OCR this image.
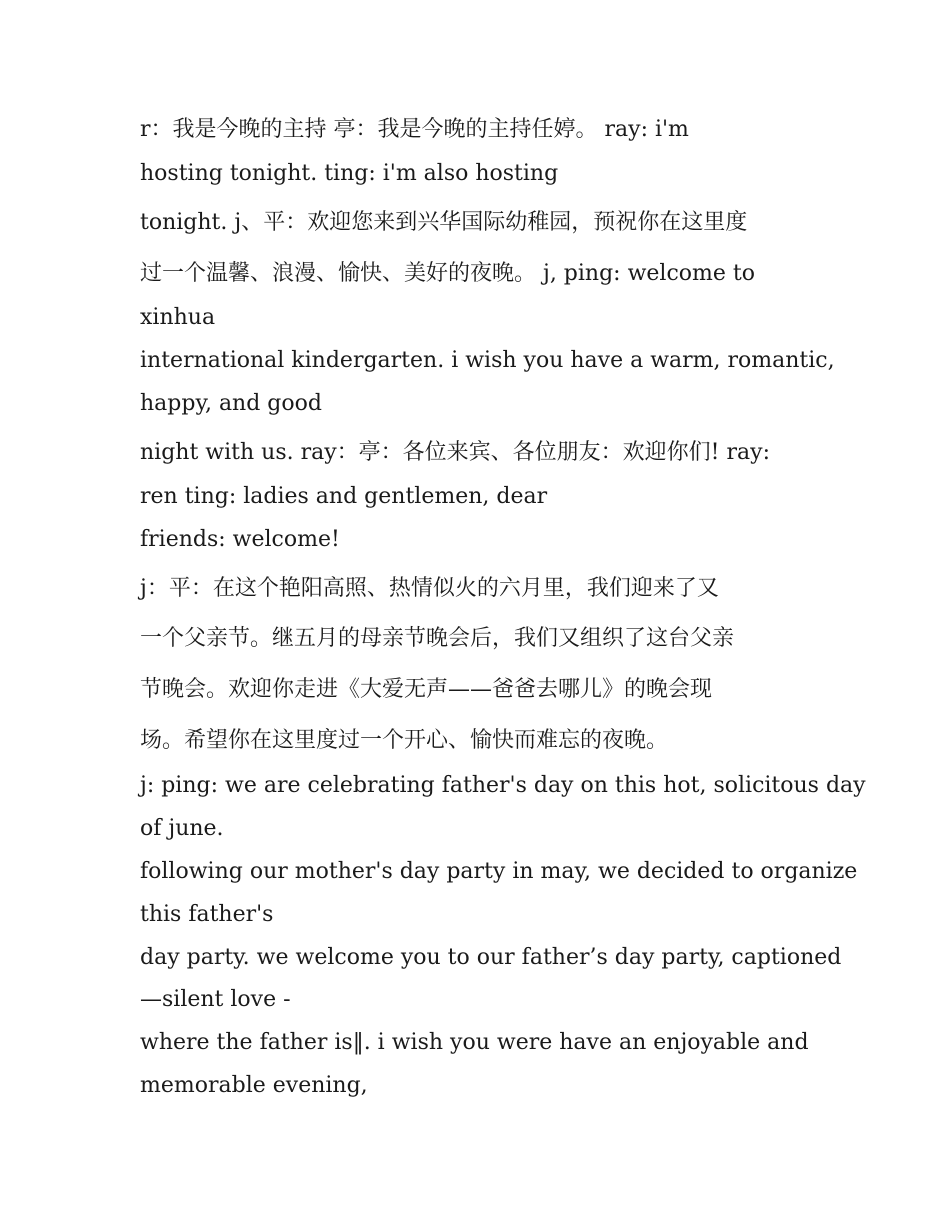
r：我是今晚的主持 亭：我是今晚的主持任婷。 ray: i'm
hosting tonight. ting: i'm also hosting
tonight. j、平：欢迎您来到兴华国际幼稚园，预祝你在这里度
过一个温馨、浪漫、愉快、美好的夜晚。 j, ping: welcome to
xinhua
international kindergarten. i wish you have a warm, romantic,
happy, and good
night with us. ray：亭：各位来宾、各位朋友：欢迎你们! ray:
ren ting: ladies and gentlemen, dear
friends: welcome!
j：平：在这个艳阳高照、热情似火的六月里，我们迎来了又
一个父亲节。继五月的母亲节晚会后，我们又组织了这台父亲
节晚会。欢迎你走进《大爱无声——爸爸去哪儿》的晚会现
场。希望你在这里度过一个开心、愉快而难忘的夜晚。
j: ping: we are celebrating father's day on this hot, solicitous day
of june.
following our mother's day party in may, we decided to organize
this father's
day party. we welcome you to our father’s day party, captioned
—silent love -
where the father is‖. i wish you were have an enjoyable and
memorable evening,
